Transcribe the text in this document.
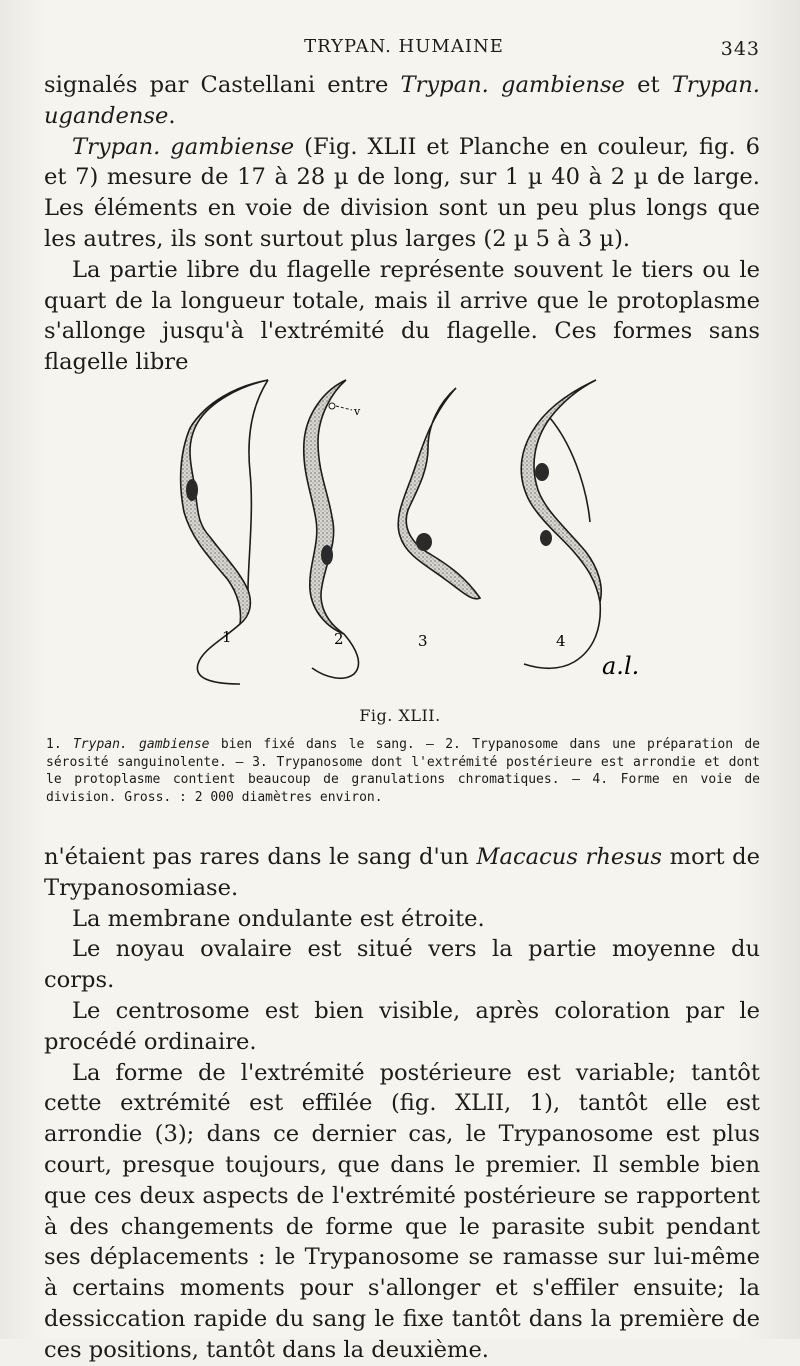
TRYPAN. HUMAINE	343

signalés par Castellani entre Trypan. gambiense et Trypan. ugandense.

Trypan. gambiense (Fig. XLII et Planche en couleur, fig. 6 et 7) mesure de 17 à 28 µ de long, sur 1 µ 40 à 2 µ de large. Les éléments en voie de division sont un peu plus longs que les autres, ils sont surtout plus larges (2 µ 5 à 3 µ).

La partie libre du flagelle représente souvent le tiers ou le quart de la longueur totale, mais il arrive que le protoplasme s'allonge jusqu'à l'extrémité du flagelle. Ces formes sans flagelle libre

v
1	2	3	4
a.l.
Fig. XLII.

1. Trypan. gambiense bien fixé dans le sang. — 2. Trypanosome dans une préparation de sérosité sanguinolente. — 3. Trypanosome dont l'extrémité postérieure est arrondie et dont le protoplasme contient beaucoup de granulations chromatiques. — 4. Forme en voie de division. Gross. : 2 000 diamètres environ.

n'étaient pas rares dans le sang d'un Macacus rhesus mort de Trypanosomiase.

La membrane ondulante est étroite.

Le noyau ovalaire est situé vers la partie moyenne du corps.

Le centrosome est bien visible, après coloration par le procédé ordinaire.

La forme de l'extrémité postérieure est variable; tantôt cette extrémité est effilée (fig. XLII, 1), tantôt elle est arrondie (3); dans ce dernier cas, le Trypanosome est plus court, presque toujours, que dans le premier. Il semble bien que ces deux aspects de l'extrémité postérieure se rapportent à des changements de forme que le parasite subit pendant ses déplacements : le Trypanosome se ramasse sur lui-même à certains moments pour s'allonger et s'effiler ensuite; la dessiccation rapide du sang le fixe tantôt dans la première de ces positions, tantôt dans la deuxième.
